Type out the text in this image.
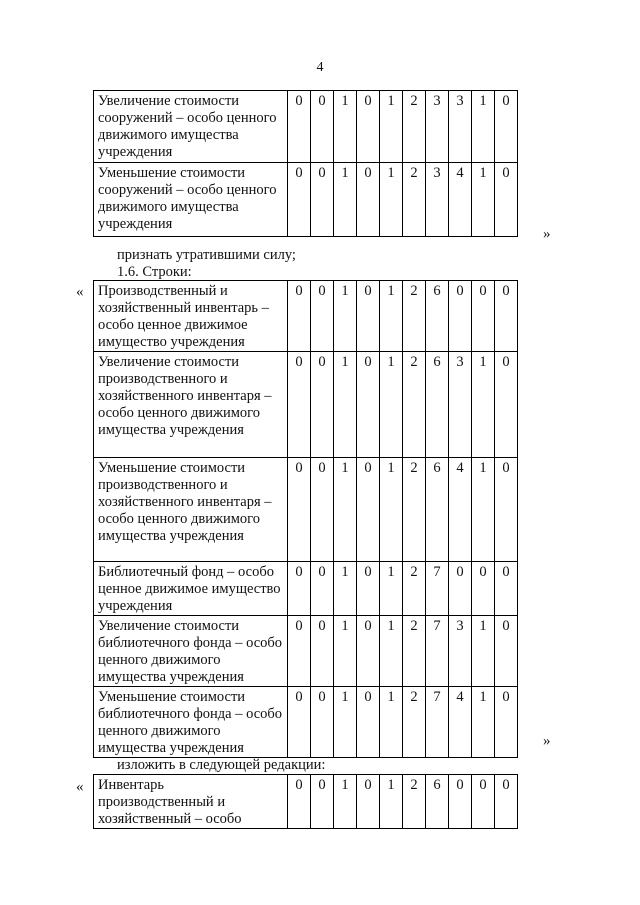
4
Увеличение стоимости сооружений – особо ценного движимого имущества учреждения	0	0	1	0	1	2	3	3	1	0
Уменьшение стоимости сооружений – особо ценного движимого имущества учреждения	0	0	1	0	1	2	3	4	1	0
»
признать утратившими силу;
1.6. Строки:
« Производственный и хозяйственный инвентарь – особо ценное движимое имущество учреждения	0	0	1	0	1	2	6	0	0	0
Увеличение стоимости производственного и хозяйственного инвентаря – особо ценного движимого имущества учреждения	0	0	1	0	1	2	6	3	1	0
Уменьшение стоимости производственного и хозяйственного инвентаря – особо ценного движимого имущества учреждения	0	0	1	0	1	2	6	4	1	0
Библиотечный фонд – особо ценное движимое имущество учреждения	0	0	1	0	1	2	7	0	0	0
Увеличение стоимости библиотечного фонда – особо ценного движимого имущества учреждения	0	0	1	0	1	2	7	3	1	0
Уменьшение стоимости библиотечного фонда – особо ценного движимого имущества учреждения	0	0	1	0	1	2	7	4	1	0
»
изложить в следующей редакции:
« Инвентарь производственный и хозяйственный – особо	0	0	1	0	1	2	6	0	0	0
